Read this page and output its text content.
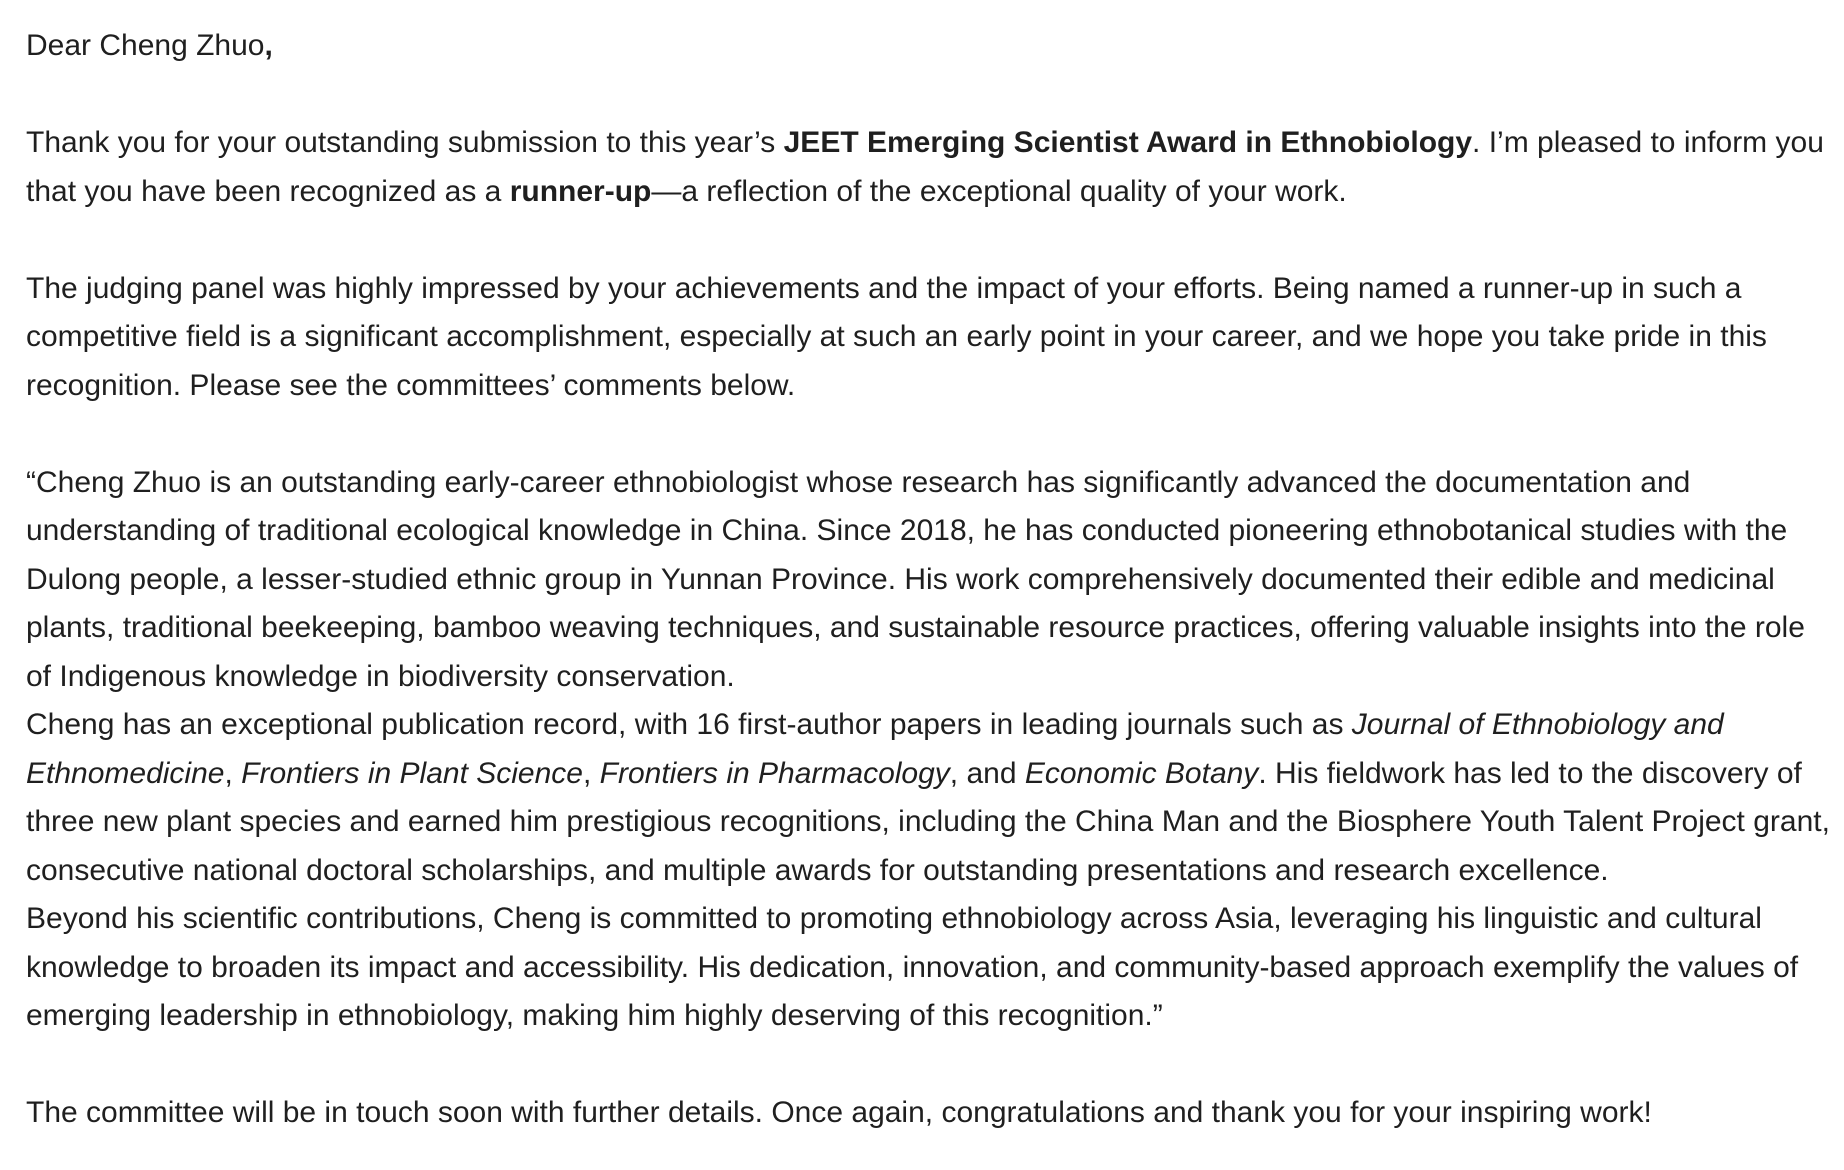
Dear Cheng Zhuo,

Thank you for your outstanding submission to this year’s JEET Emerging Scientist Award in Ethnobiology. I’m pleased to inform you that you have been recognized as a runner-up—a reflection of the exceptional quality of your work.

The judging panel was highly impressed by your achievements and the impact of your efforts. Being named a runner-up in such a competitive field is a significant accomplishment, especially at such an early point in your career, and we hope you take pride in this recognition. Please see the committees’ comments below.

“Cheng Zhuo is an outstanding early-career ethnobiologist whose research has significantly advanced the documentation and understanding of traditional ecological knowledge in China. Since 2018, he has conducted pioneering ethnobotanical studies with the Dulong people, a lesser-studied ethnic group in Yunnan Province. His work comprehensively documented their edible and medicinal plants, traditional beekeeping, bamboo weaving techniques, and sustainable resource practices, offering valuable insights into the role of Indigenous knowledge in biodiversity conservation.

Cheng has an exceptional publication record, with 16 first-author papers in leading journals such as Journal of Ethnobiology and Ethnomedicine, Frontiers in Plant Science, Frontiers in Pharmacology, and Economic Botany. His fieldwork has led to the discovery of three new plant species and earned him prestigious recognitions, including the China Man and the Biosphere Youth Talent Project grant, consecutive national doctoral scholarships, and multiple awards for outstanding presentations and research excellence.

Beyond his scientific contributions, Cheng is committed to promoting ethnobiology across Asia, leveraging his linguistic and cultural knowledge to broaden its impact and accessibility. His dedication, innovation, and community-based approach exemplify the values of emerging leadership in ethnobiology, making him highly deserving of this recognition.”

The committee will be in touch soon with further details. Once again, congratulations and thank you for your inspiring work!
